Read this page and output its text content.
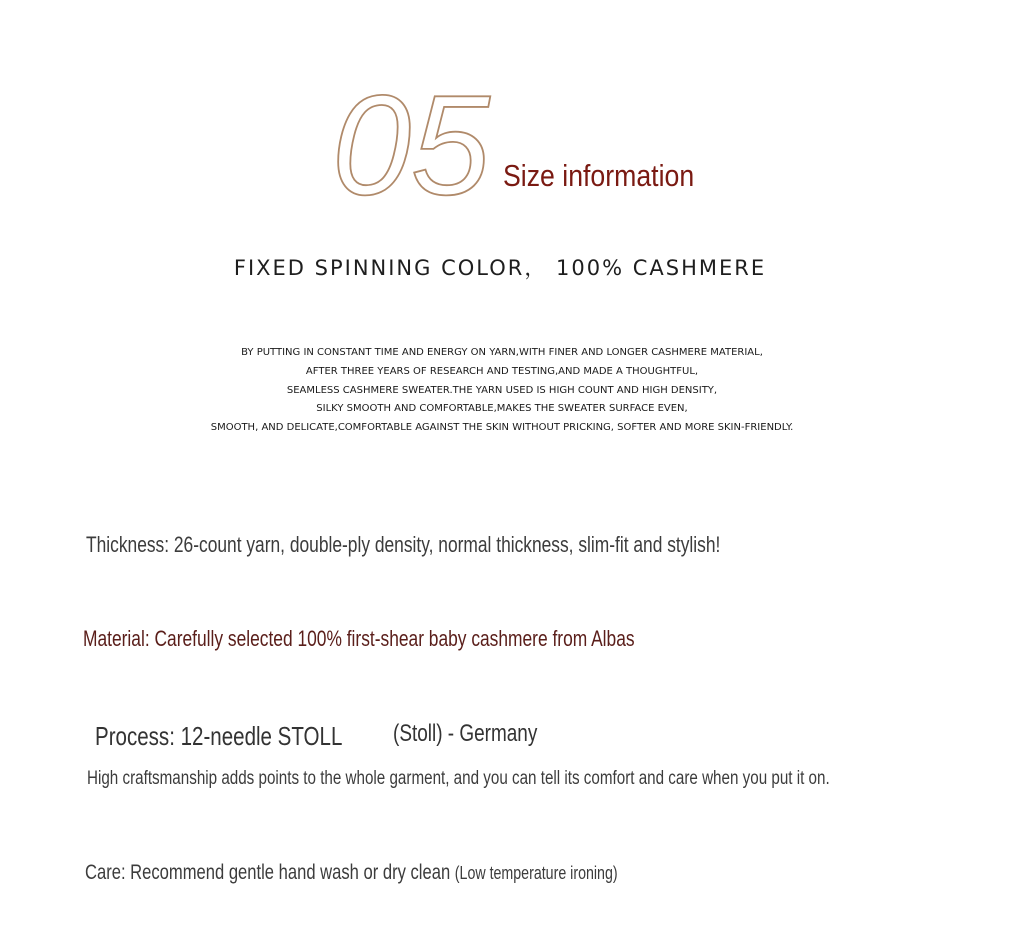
05 Size information
FIXED SPINNING COLOR， 100% CASHMERE
BY PUTTING IN CONSTANT TIME AND ENERGY ON YARN,WITH FINER AND LONGER CASHMERE MATERIAL,
AFTER THREE YEARS OF RESEARCH AND TESTING,AND MADE A THOUGHTFUL,
SEAMLESS CASHMERE SWEATER.THE YARN USED IS HIGH COUNT AND HIGH DENSITY,
SILKY SMOOTH AND COMFORTABLE,MAKES THE SWEATER SURFACE EVEN,
SMOOTH, AND DELICATE,COMFORTABLE AGAINST THE SKIN WITHOUT PRICKING, SOFTER AND MORE SKIN-FRIENDLY.
Thickness: 26-count yarn, double-ply density, normal thickness, slim-fit and stylish!
Material: Carefully selected 100% first-shear baby cashmere from Albas
Process: 12-needle STOLL (Stoll) - Germany
High craftsmanship adds points to the whole garment, and you can tell its comfort and care when you put it on.
Care: Recommend gentle hand wash or dry clean (Low temperature ironing)
